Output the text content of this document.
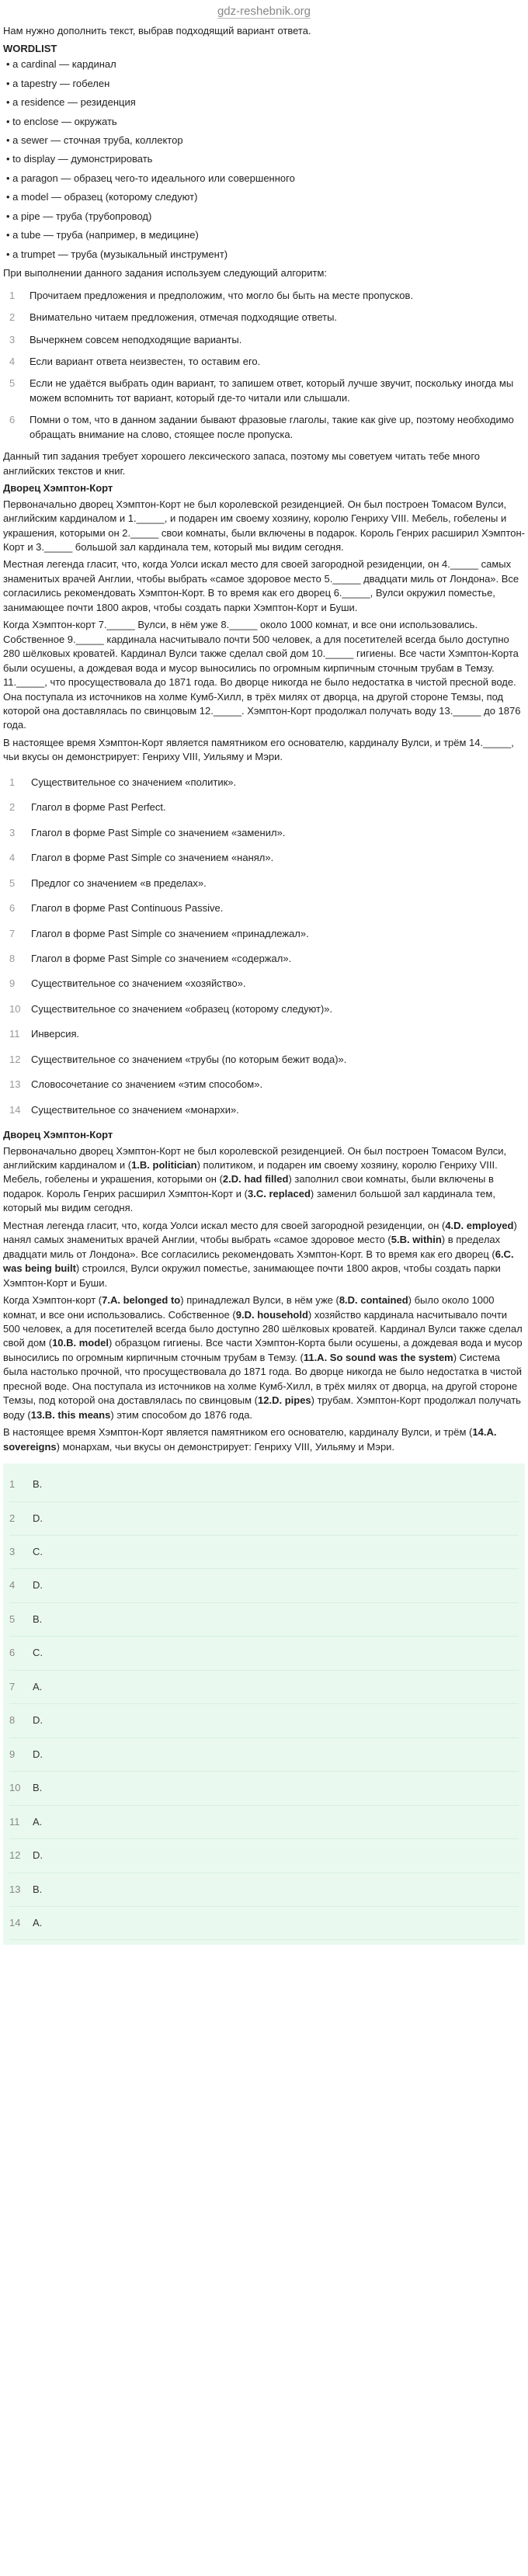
gdz-reshebnik.org

Нам нужно дополнить текст, выбрав подходящий вариант ответа.

WORDLIST
• a cardinal — кардинал
• a tapestry — гобелен
• a residence — резиденция
• to enclose — окружать
• a sewer — сточная труба, коллектор
• to display — думонстрировать
• a paragon — образец чего-то идеального или совершенного
• a model — образец (которому следуют)
• a pipe — труба (трубопровод)
• a tube — труба (например, в медицине)
• a trumpet — труба (музыкальный инструмент)

При выполнении данного задания используем следующий алгоритм:

1	Прочитаем предложения и предположим, что могло бы быть на месте пропусков.
2	Внимательно читаем предложения, отмечая подходящие ответы.
3	Вычеркнем совсем неподходящие варианты.
4	Если вариант ответа неизвестен, то оставим его.
5	Если не удаётся выбрать один вариант, то запишем ответ, который лучше звучит, поскольку иногда мы можем вспомнить тот вариант, который где-то читали или слышали.
6	Помни о том, что в данном задании бывают фразовые глаголы, такие как give up, поэтому необходимо обращать внимание на слово, стоящее после пропуска.

Данный тип задания требует хорошего лексического запаса, поэтому мы советуем читать тебе много английских текстов и книг.

Дворец Хэмптон-Корт

Первоначально дворец Хэмптон-Корт не был королевской резиденцией. Он был построен Томасом Вулси, английским кардиналом и 1._____, и подарен им своему хозяину, королю Генриху VIII. Мебель, гобелены и украшения, которыми он 2._____ свои комнаты, были включены в подарок. Король Генрих расширил Хэмптон-Корт и 3._____ большой зал кардинала тем, который мы видим сегодня.

Местная легенда гласит, что, когда Уолси искал место для своей загородной резиденции, он 4._____ самых знаменитых врачей Англии, чтобы выбрать «самое здоровое место 5._____ двадцати миль от Лондона». Все согласились рекомендовать Хэмптон-Корт. В то время как его дворец 6._____, Вулси окружил поместье, занимающее почти 1800 акров, чтобы создать парки Хэмптон-Корт и Буши.

Когда Хэмптон-корт 7._____ Вулси, в нём уже 8._____ около 1000 комнат, и все они использовались. Собственное 9._____ кардинала насчитывало почти 500 человек, а для посетителей всегда было доступно 280 шёлковых кроватей. Кардинал Вулси также сделал свой дом 10._____ гигиены. Все части Хэмптон-Корта были осушены, а дождевая вода и мусор выносились по огромным кирпичным сточным трубам в Темзу. 11._____, что просуществовала до 1871 года. Во дворце никогда не было недостатка в чистой пресной воде. Она поступала из источников на холме Кумб-Хилл, в трёх милях от дворца, на другой стороне Темзы, под которой она доставлялась по свинцовым 12._____. Хэмптон-Корт продолжал получать воду 13._____ до 1876 года.

В настоящее время Хэмптон-Корт является памятником его основателю, кардиналу Вулси, и трём 14._____, чьи вкусы он демонстрирует: Генриху VIII, Уильяму и Мэри.

1	Существительное со значением «политик».
2	Глагол в форме Past Perfect.
3	Глагол в форме Past Simple со значением «заменил».
4	Глагол в форме Past Simple со значением «нанял».
5	Предлог со значением «в пределах».
6	Глагол в форме Past Continuous Passive.
7	Глагол в форме Past Simple со значением «принадлежал».
8	Глагол в форме Past Simple со значением «содержал».
9	Существительное со значением «хозяйство».
10 Существительное со значением «образец (которому следуют)».
11 Инверсия.
12 Существительное со значением «трубы (по которым бежит вода)».
13 Словосочетание со значением «этим способом».
14 Существительное со значением «монархи».
Дворец Хэмптон-Корт

Первоначально дворец Хэмптон-Корт не был королевской резиденцией. Он был построен Томасом Вулси, английским кардиналом и (1.В. politician) политиком, и подарен им своему хозяину, королю Генриху VIII. Мебель, гобелены и украшения, которыми он (2.D. had filled) заполнил свои комнаты, были включены в подарок. Король Генрих расширил Хэмптон-Корт и (3.С. replaced) заменил большой зал кардинала тем, который мы видим сегодня.

Местная легенда гласит, что, когда Уолси искал место для своей загородной резиденции, он (4.D. employed) нанял самых знаменитых врачей Англии, чтобы выбрать «самое здоровое место (5.B. within) в пределах двадцати миль от Лондона». Все согласились рекомендовать Хэмптон-Корт. В то время как его дворец (6.С. was being built) строился, Вулси окружил поместье, занимающее почти 1800 акров, чтобы создать парки Хэмптон-Корт и Буши.

Когда Хэмптон-корт (7.A. belonged to) принадлежал Вулси, в нём уже (8.D. contained) было около 1000 комнат, и все они использовались. Собственное (9.D. household) хозяйство кардинала насчитывало почти 500 человек, а для посетителей всегда было доступно 280 шёлковых кроватей. Кардинал Вулси также сделал свой дом (10.B. model) образцом гигиены. Все части Хэмптон-Корта были осушены, а дождевая вода и мусор выносились по огромным кирпичным сточным трубам в Темзу. (11.A. So sound was the system) Система была настолько прочной, что просуществовала до 1871 года. Во дворце никогда не было недостатка в чистой пресной воде. Она поступала из источников на холме Кумб-Хилл, в трёх милях от дворца, на другой стороне Темзы, под которой она доставлялась по свинцовым (12.D. pipes) трубам. Хэмптон-Корт продолжал получать воду (13.B. this means) этим способом до 1876 года.

В настоящее время Хэмптон-Корт является памятником его основателю, кардиналу Вулси, и трём (14.A. sovereigns) монархам, чьи вкусы он демонстрирует: Генриху VIII, Уильяму и Мэри.

1	B.
2	D.
3	C.
4	D.
5	B.
6	C.
7	A.
8	D.
9	D.
10 B.
11 A.
12 D.
13 B.
14 A.
